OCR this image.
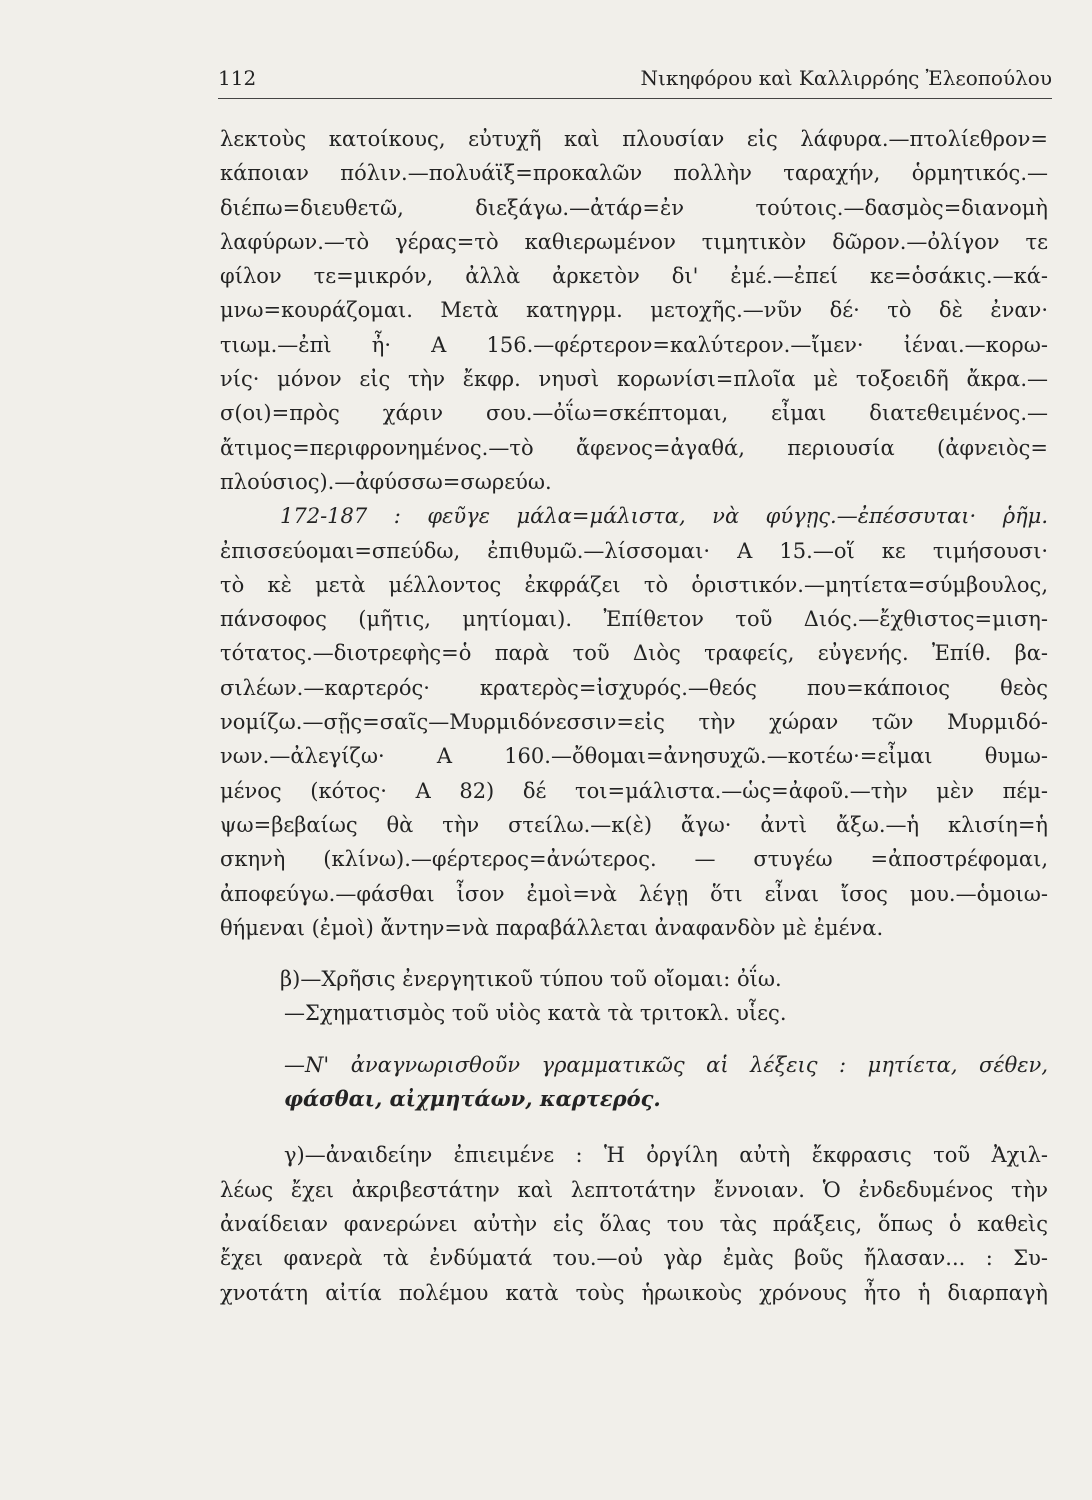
112	Νικηφόρου καὶ Καλλιρρόης Ἐλεοπούλου
λεκτοὺς κατοίκους, εὐτυχῆ καὶ πλουσίαν εἰς λάφυρα.—πτολίεθρον=
κάποιαν πόλιν.—πολυάϊξ=προκαλῶν πολλὴν ταραχήν, ὁρμητικός.—
διέπω=διευθετῶ, διεξάγω.—ἀτάρ=ἐν τούτοις.—δασμὸς=διανομὴ
λαφύρων.—τὸ γέρας=τὸ καθιερωμένον τιμητικὸν δῶρον.—ὀλίγον τε
φίλον τε=μικρόν, ἀλλὰ ἀρκετὸν δι' ἐμέ.—ἐπεί κε=ὁσάκις.—κά-
μνω=κουράζομαι. Μετὰ κατηγρμ. μετοχῆς.—νῦν δέ· τὸ δὲ ἐναν·
τιωμ.—ἐπὶ ἦ· Α 156.—φέρτερον=καλύτερον.—ἴμεν· ἰέναι.—κορω-
νίς· μόνον εἰς τὴν ἔκφρ. νηυσὶ κορωνίσι=πλοῖα μὲ τοξοειδῆ ἄκρα.—
σ(οι)=πρὸς χάριν σου.—ὀΐω=σκέπτομαι, εἶμαι διατεθειμένος.—
ἄτιμος=περιφρονημένος.—τὸ ἄφενος=ἀγαθά, περιουσία (ἀφνειὸς=
πλούσιος).—ἀφύσσω=σωρεύω.
172-187 : φεῦγε μάλα=μάλιστα, νὰ φύγῃς.—ἐπέσσυται· ῥῆμ.
ἐπισσεύομαι=σπεύδω, ἐπιθυμῶ.—λίσσομαι· Α 15.—οἵ κε τιμήσουσι·
τὸ κὲ μετὰ μέλλοντος ἐκφράζει τὸ ὁριστικόν.—μητίετα=σύμβουλος,
πάνσοφος (μῆτις, μητίομαι). Ἐπίθετον τοῦ Διός.—ἔχθιστος=μιση-
τότατος.—διοτρεφὴς=ὁ παρὰ τοῦ Διὸς τραφείς, εὐγενής. Ἐπίθ. βα-
σιλέων.—καρτερός· κρατερὸς=ἰσχυρός.—θεός που=κάποιος θεὸς
νομίζω.—σῇς=σαῖς—Μυρμιδόνεσσιν=εἰς τὴν χώραν τῶν Μυρμιδό-
νων.—ἀλεγίζω· Α 160.—ὄθομαι=ἀνησυχῶ.—κοτέω·=εἶμαι θυμω-
μένος (κότος· Α 82) δέ τοι=μάλιστα.—ὡς=ἀφοῦ.—τὴν μὲν πέμ-
ψω=βεβαίως θὰ τὴν στείλω.—κ(ὲ) ἄγω· ἀντὶ ἄξω.—ἡ κλισίη=ἡ
σκηνὴ (κλίνω).—φέρτερος=ἀνώτερος. — στυγέω =ἀποστρέφομαι,
ἀποφεύγω.—φάσθαι ἶσον ἐμοὶ=νὰ λέγῃ ὅτι εἶναι ἴσος μου.—ὁμοιω-
θήμεναι (ἐμοὶ) ἄντην=νὰ παραβάλλεται ἀναφανδὸν μὲ ἐμένα.
β)—Χρῆσις ἐνεργητικοῦ τύπου τοῦ οἴομαι: ὀΐω.
—Σχηματισμὸς τοῦ υἱὸς κατὰ τὰ τριτοκλ. υἷες.
—Ν' ἀναγνωρισθοῦν γραμματικῶς αἱ λέξεις : μητίετα, σέθεν,
φάσθαι, αἰχμητάων, καρτερός.
γ)—ἀναιδείην ἐπιειμένε : Ἡ ὀργίλη αὐτὴ ἔκφρασις τοῦ Ἀχιλ-
λέως ἔχει ἀκριβεστάτην καὶ λεπτοτάτην ἔννοιαν. Ὁ ἐνδεδυμένος τὴν
ἀναίδειαν φανερώνει αὐτὴν εἰς ὅλας του τὰς πράξεις, ὅπως ὁ καθεὶς
ἔχει φανερὰ τὰ ἐνδύματά του.—οὐ γὰρ ἐμὰς βοῦς ἤλασαν... : Συ-
χνοτάτη αἰτία πολέμου κατὰ τοὺς ἡρωικοὺς χρόνους ἦτο ἡ διαρπαγὴ
